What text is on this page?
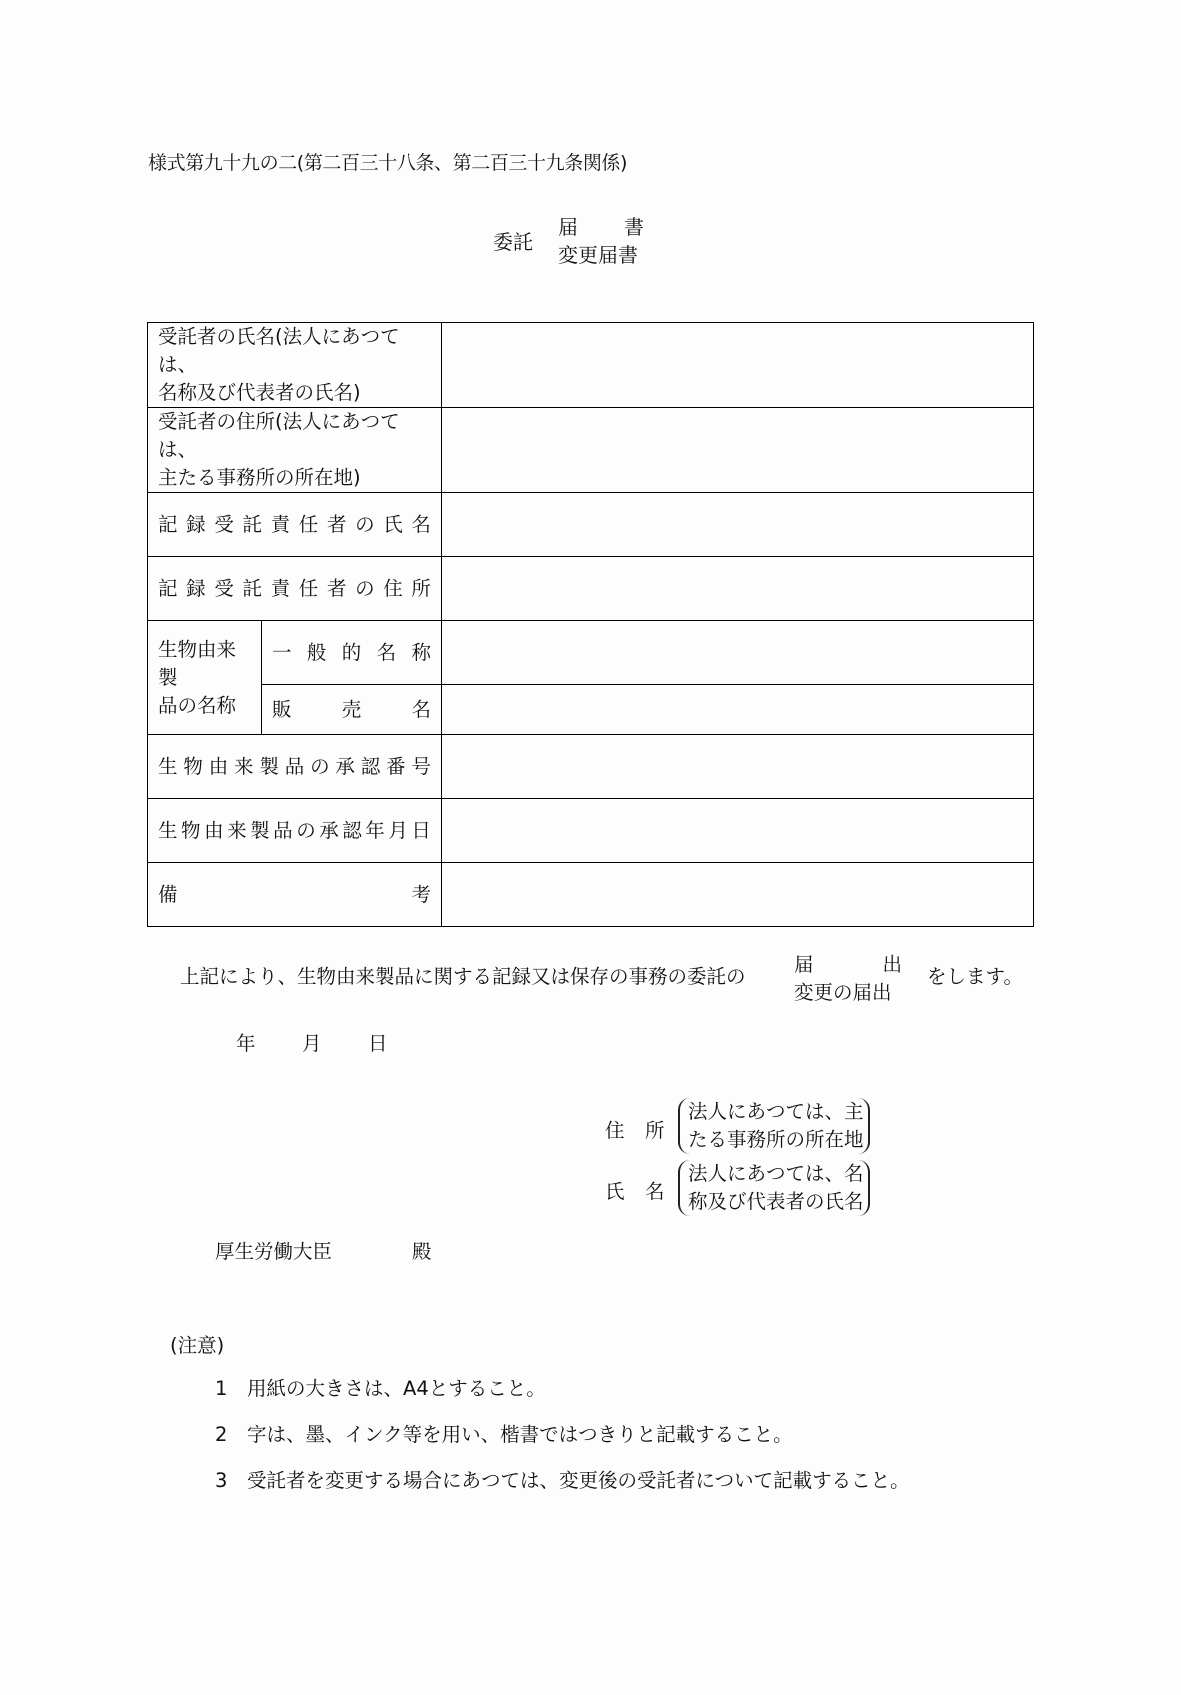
様式第九十九の二(第二百三十八条、第二百三十九条関係)
委託
届 書
変更届書
受託者の氏名(法人にあつては、
名称及び代表者の氏名)		

受託者の住所(法人にあつては、
主たる事務所の所在地)		

記 録 受 託 責 任 者 の 氏 名

記 録 受 託 責 任 者 の 住 所

生物由来製
品の名称

一 般 的 名 称

	販 売 名	

生 物 由 来 製 品 の 承 認 番 号

生 物 由 来 製 品 の 承 認 年 月 日

備 考		

上記により、生物由来製品に関する記録又は保存の事務の委託の
届	出
変更の届出
をします。
年 月 日
住 所
法人にあつては、主
たる事務所の所在地
氏 名
法人にあつては、名
称及び代表者の氏名
厚生労働大臣	殿
(注意)
1 用紙の大きさは、A4とすること。
2 字は、墨、インク等を用い、楷書ではつきりと記載すること。
3 受託者を変更する場合にあつては、変更後の受託者について記載すること。
